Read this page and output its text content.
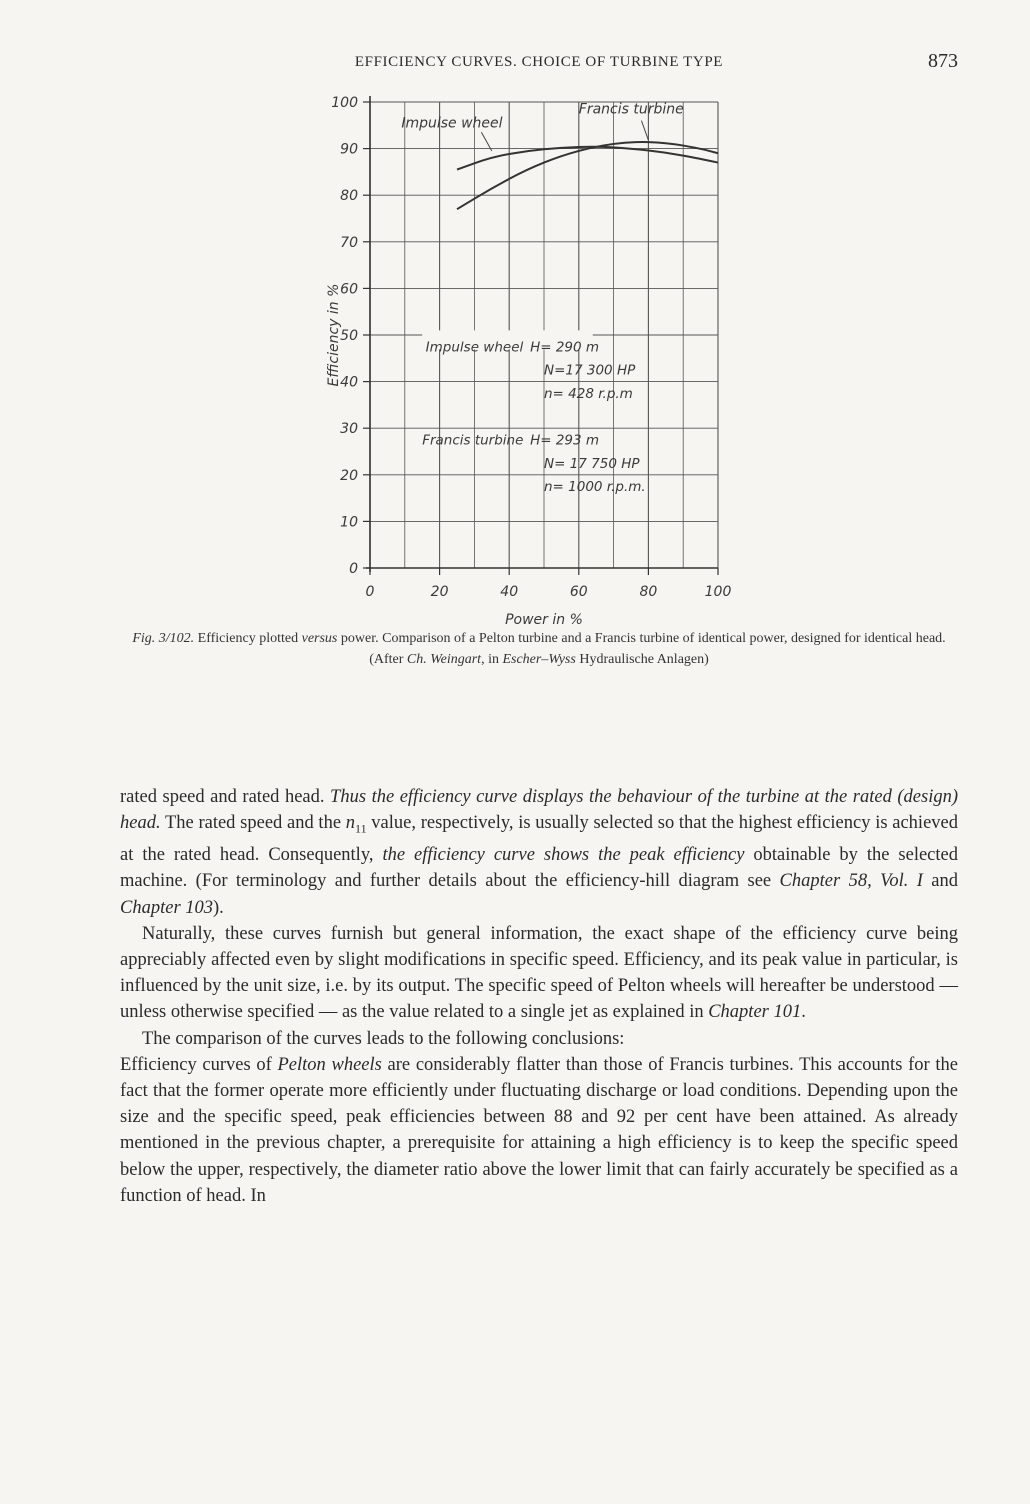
EFFICIENCY CURVES. CHOICE OF TURBINE TYPE	873
0
10
20
30
40
50
60
70
80
90
100
0	20	40	60	80	100
Power in %
Efficiency in %
Impulse wheel
Francis turbine
Impulse wheel H= 290 m
N=17 300 HP
n= 428 r.p.m
Francis turbine H= 293 m
N= 17 750 HP
n= 1000 r.p.m.
Fig. 3/102. Efficiency plotted versus power. Comparison of a Pelton turbine and a Francis turbine of identical power, designed for identical head. (After Ch. Weingart, in Escher–Wyss Hydraulische Anlagen)

rated speed and rated head. Thus the efficiency curve displays the behaviour of the turbine at the rated (design) head. The rated speed and the $n_{11}$ value, respectively, is usually selected so that the highest efficiency is achieved at the rated head. Consequently, the efficiency curve shows the peak efficiency obtainable by the selected machine. (For terminology and further details about the efficiency-hill diagram see Chapter 58, Vol. I and Chapter 103).

Naturally, these curves furnish but general information, the exact shape of the efficiency curve being appreciably affected even by slight modifications in specific speed. Efficiency, and its peak value in particular, is influenced by the unit size, i.e. by its output. The specific speed of Pelton wheels will hereafter be understood — unless otherwise specified — as the value related to a single jet as explained in Chapter 101.

The comparison of the curves leads to the following conclusions:

Efficiency curves of Pelton wheels are considerably flatter than those of Francis turbines. This accounts for the fact that the former operate more efficiently under fluctuating discharge or load conditions. Depending upon the size and the specific speed, peak efficiencies between 88 and 92 per cent have been attained. As already mentioned in the previous chapter, a prerequisite for attaining a high efficiency is to keep the specific speed below the upper, respectively, the diameter ratio above the lower limit that can fairly accurately be specified as a function of head. In
